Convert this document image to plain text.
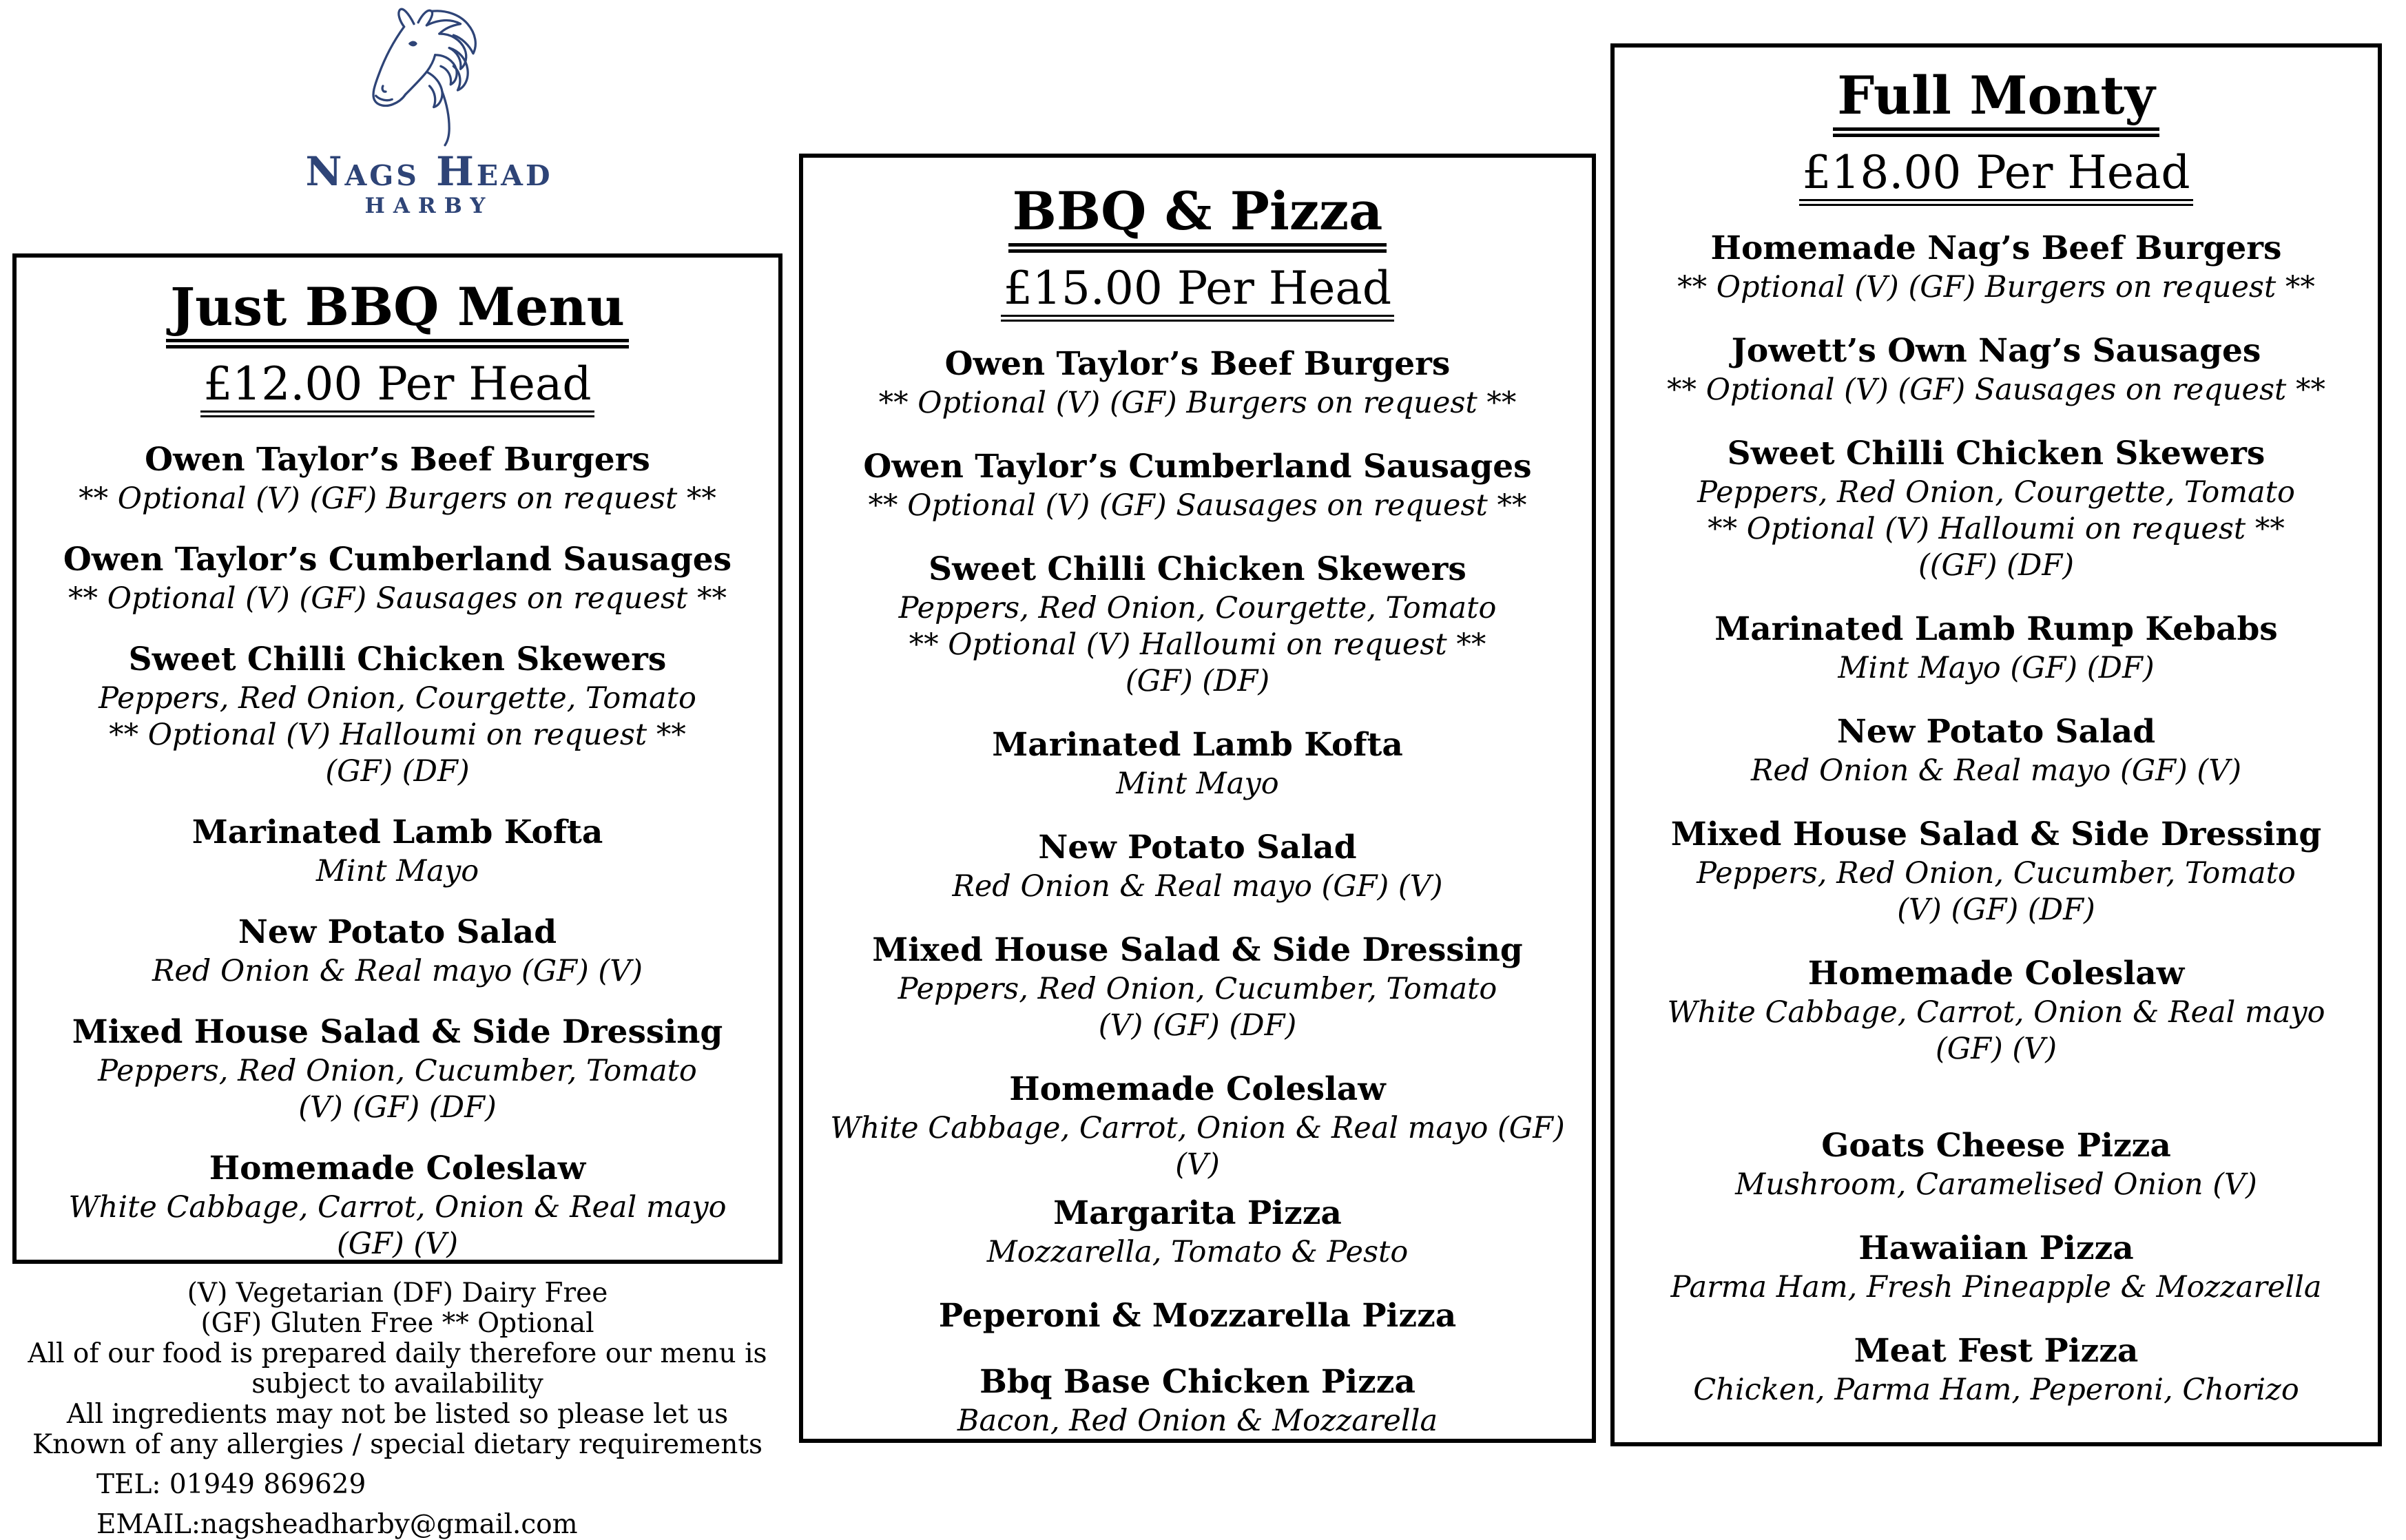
Nags Head
HARBY
Just BBQ Menu
£12.00 Per Head
Owen Taylor’s Beef Burgers
** Optional (V) (GF) Burgers on request **
Owen Taylor’s Cumberland Sausages
** Optional (V) (GF) Sausages on request **
Sweet Chilli Chicken Skewers
Peppers, Red Onion, Courgette, Tomato
** Optional (V) Halloumi on request **
(GF) (DF)
Marinated Lamb Kofta
Mint Mayo
New Potato Salad
Red Onion & Real mayo (GF) (V)
Mixed House Salad & Side Dressing
Peppers, Red Onion, Cucumber, Tomato
(V) (GF) (DF)
Homemade Coleslaw
White Cabbage, Carrot, Onion & Real mayo
(GF) (V)
BBQ & Pizza
£15.00 Per Head
Owen Taylor’s Beef Burgers
** Optional (V) (GF) Burgers on request **
Owen Taylor’s Cumberland Sausages
** Optional (V) (GF) Sausages on request **
Sweet Chilli Chicken Skewers
Peppers, Red Onion, Courgette, Tomato
** Optional (V) Halloumi on request **
(GF) (DF)
Marinated Lamb Kofta
Mint Mayo
New Potato Salad
Red Onion & Real mayo (GF) (V)
Mixed House Salad & Side Dressing
Peppers, Red Onion, Cucumber, Tomato
(V) (GF) (DF)
Homemade Coleslaw
White Cabbage, Carrot, Onion & Real mayo (GF)
(V)
Margarita Pizza
Mozzarella, Tomato & Pesto
Peperoni & Mozzarella Pizza
Bbq Base Chicken Pizza
Bacon, Red Onion & Mozzarella
Full Monty
£18.00 Per Head
Homemade Nag’s Beef Burgers
** Optional (V) (GF) Burgers on request **
Jowett’s Own Nag’s Sausages
** Optional (V) (GF) Sausages on request **
Sweet Chilli Chicken Skewers
Peppers, Red Onion, Courgette, Tomato
** Optional (V) Halloumi on request **
((GF) (DF)
Marinated Lamb Rump Kebabs
Mint Mayo (GF) (DF)
New Potato Salad
Red Onion & Real mayo (GF) (V)
Mixed House Salad & Side Dressing
Peppers, Red Onion, Cucumber, Tomato
(V) (GF) (DF)
Homemade Coleslaw
White Cabbage, Carrot, Onion & Real mayo
(GF) (V)
Goats Cheese Pizza
Mushroom, Caramelised Onion (V)
Hawaiian Pizza
Parma Ham, Fresh Pineapple & Mozzarella
Meat Fest Pizza
Chicken, Parma Ham, Peperoni, Chorizo
(V) Vegetarian (DF) Dairy Free
(GF) Gluten Free ** Optional
All of our food is prepared daily therefore our menu is
subject to availability
All ingredients may not be listed so please let us
Known of any allergies / special dietary requirements
TEL: 01949 869629
EMAIL:nagsheadharby@gmail.com
